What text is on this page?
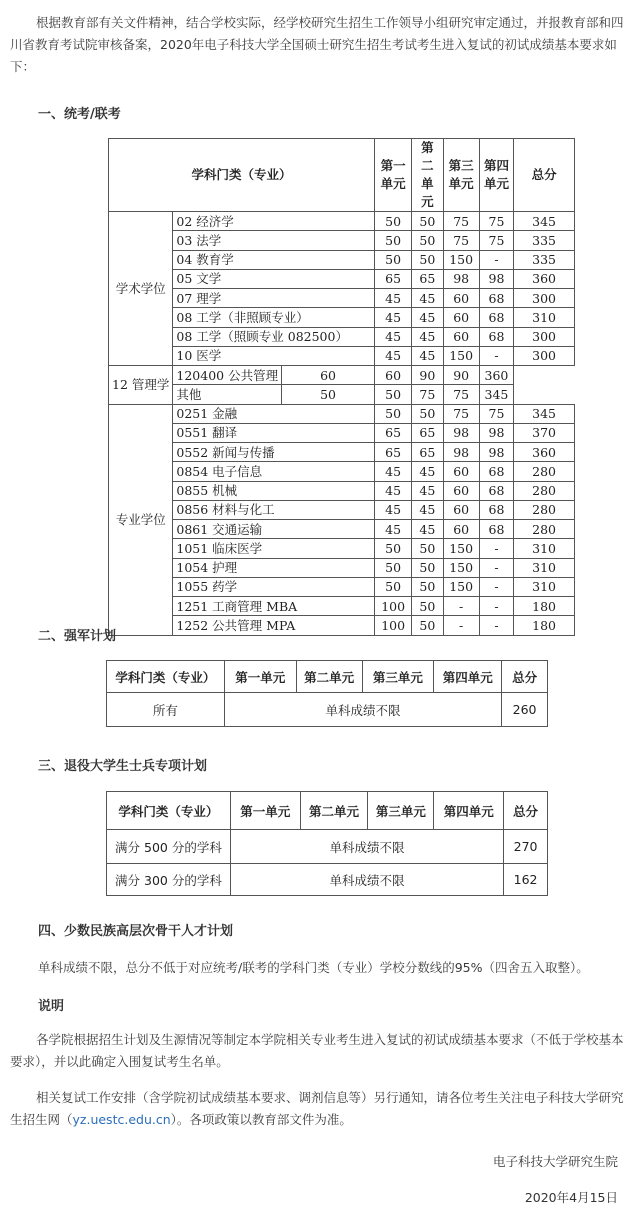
根据教育部有关文件精神，结合学校实际，经学校研究生招生工作领导小组研究审定通过，并报教育部和四川省教育考试院审核备案，2020年电子科技大学全国硕士研究生招生考试考生进入复试的初试成绩基本要求如下：
一、统考/联考
学科门类（专业）			第一单元	第二单元	第三单元	第四单元	总分
学术学位	02 经济学		50	50	75	75	345
	03 法学		50	50	75	75	335
	04 教育学		50	50	150	-	335
	05 文学		65	65	98	98	360
	07 理学		45	45	60	68	300
	08 工学（非照顾专业）		45	45	60	68	310
	08 工学（照顾专业 082500）		45	45	60	68	300
	10 医学		45	45	150	-	300
12 管理学	120400 公共管理	60	60	90	90	360	
	其他	50	50	75	75	345	
专业学位	0251 金融		50	50	75	75	345
	0551 翻译		65	65	98	98	370
	0552 新闻与传播		65	65	98	98	360
	0854 电子信息		45	45	60	68	280
	0855 机械		45	45	60	68	280
	0856 材料与化工		45	45	60	68	280
	0861 交通运输		45	45	60	68	280
	1051 临床医学		50	50	150	-	310
	1054 护理		50	50	150	-	310
	1055 药学		50	50	150	-	310
	1251 工商管理 MBA		100	50	-	-	180
	1252 公共管理 MPA		100	50	-	-	180
二、强军计划
学科门类（专业）	第一单元	第二单元	第三单元	第四单元	总分
所有	单科成绩不限				260
三、退役大学生士兵专项计划
学科门类（专业）	第一单元	第二单元	第三单元	第四单元	总分
满分 500 分的学科	单科成绩不限				270
满分 300 分的学科	单科成绩不限				162
四、少数民族高层次骨干人才计划
单科成绩不限，总分不低于对应统考/联考的学科门类（专业）学校分数线的95%（四舍五入取整）。
说明
各学院根据招生计划及生源情况等制定本学院相关专业考生进入复试的初试成绩基本要求（不低于学校基本要求），并以此确定入围复试考生名单。
相关复试工作安排（含学院初试成绩基本要求、调剂信息等）另行通知，请各位考生关注电子科技大学研究生招生网（yz.uestc.edu.cn）。各项政策以教育部文件为准。
电子科技大学研究生院
2020年4月15日
